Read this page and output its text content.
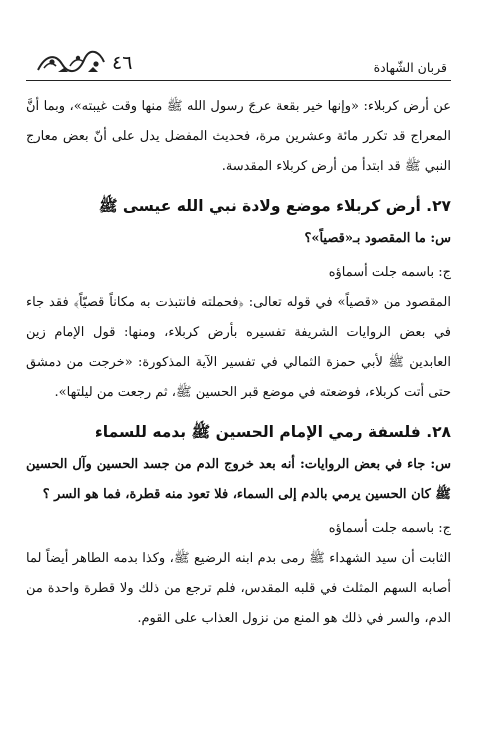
قربان الشّهادة
٤٦

عن أرض كربلاء: «وإنها خير بقعة عرجَ رسول الله ﷺ منها وقت غيبته»، وبما أنَّ المعراج قد تكرر مائة وعشرين مرة، فحديث المفضل يدل على أنّ بعض معارج النبي ﷺ قد ابتدأ من أرض كربلاء المقدسة.

٢٧. أرض كربلاء موضع ولادة نبي الله عيسى ﷺ

س: ما المقصود بـ«قصياً»؟

ج: باسمه جلت أسماؤه

المقصود من «قصياً» في قوله تعالى: ﴿فحملته فانتبذت به مكاناً قصيّاً﴾ فقد جاء في بعض الروايات الشريفة تفسيره بأرض كربلاء، ومنها: قول الإمام زين العابدين ﷺ لأبي حمزة الثمالي في تفسير الآية المذكورة: «خرجت من دمشق حتى أتت كربلاء، فوضعته في موضع قبر الحسين ﷺ، ثم رجعت من ليلتها».

٢٨. فلسفة رمي الإمام الحسين ﷺ بدمه للسماء

س: جاء في بعض الروايات: أنه بعد خروج الدم من جسد الحسين وآل الحسين ﷺ كان الحسين يرمي بالدم إلى السماء، فلا تعود منه قطرة، فما هو السر ؟

ج: باسمه جلت أسماؤه

الثابت أن سيد الشهداء ﷺ رمى بدم ابنه الرضيع ﷺ، وكذا بدمه الطاهر أيضاً لما أصابه السهم المثلث في قلبه المقدس، فلم ترجع من ذلك ولا قطرة واحدة من الدم، والسر في ذلك هو المنع من نزول العذاب على القوم.
